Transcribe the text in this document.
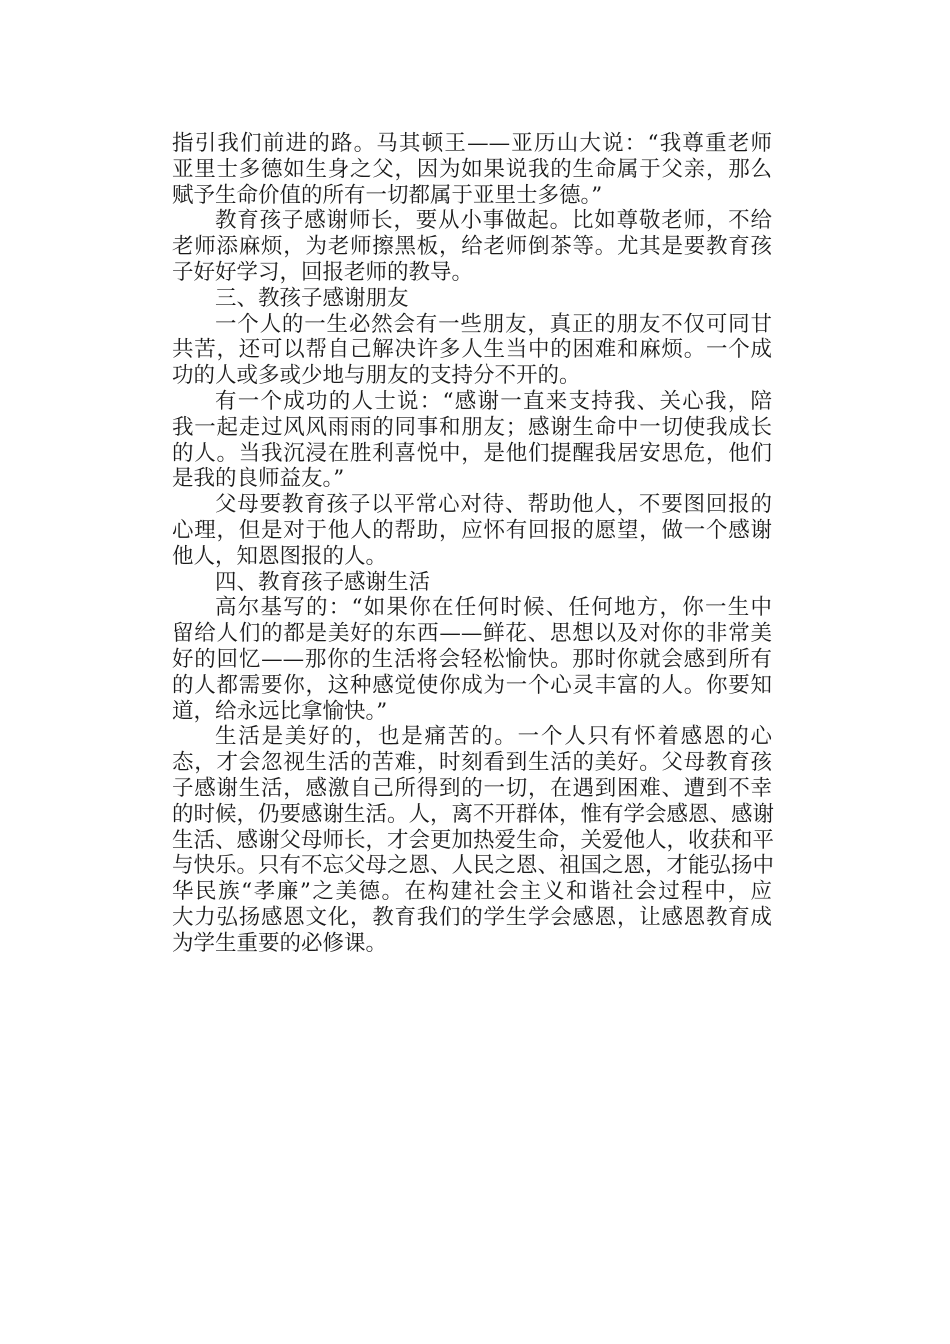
指引我们前进的路。马其顿王——亚历山大说：“我尊重老师
亚里士多德如生身之父，因为如果说我的生命属于父亲，那么
赋予生命价值的所有一切都属于亚里士多德。”
教育孩子感谢师长，要从小事做起。比如尊敬老师，不给
老师添麻烦，为老师擦黑板，给老师倒茶等。尤其是要教育孩
子好好学习，回报老师的教导。
三、教孩子感谢朋友
一个人的一生必然会有一些朋友，真正的朋友不仅可同甘
共苦，还可以帮自己解决许多人生当中的困难和麻烦。一个成
功的人或多或少地与朋友的支持分不开的。
有一个成功的人士说：“感谢一直来支持我、关心我，陪
我一起走过风风雨雨的同事和朋友；感谢生命中一切使我成长
的人。当我沉浸在胜利喜悦中，是他们提醒我居安思危，他们
是我的良师益友。”
父母要教育孩子以平常心对待、帮助他人，不要图回报的
心理，但是对于他人的帮助，应怀有回报的愿望，做一个感谢
他人，知恩图报的人。
四、教育孩子感谢生活
高尔基写的：“如果你在任何时候、任何地方，你一生中
留给人们的都是美好的东西——鲜花、思想以及对你的非常美
好的回忆——那你的生活将会轻松愉快。那时你就会感到所有
的人都需要你，这种感觉使你成为一个心灵丰富的人。你要知
道，给永远比拿愉快。”
生活是美好的，也是痛苦的。一个人只有怀着感恩的心
态，才会忽视生活的苦难，时刻看到生活的美好。父母教育孩
子感谢生活，感激自己所得到的一切，在遇到困难、遭到不幸
的时候，仍要感谢生活。人，离不开群体，惟有学会感恩、感谢
生活、感谢父母师长，才会更加热爱生命，关爱他人，收获和平
与快乐。只有不忘父母之恩、人民之恩、祖国之恩，才能弘扬中
华民族“孝廉”之美德。在构建社会主义和谐社会过程中，应
大力弘扬感恩文化，教育我们的学生学会感恩，让感恩教育成
为学生重要的必修课。
